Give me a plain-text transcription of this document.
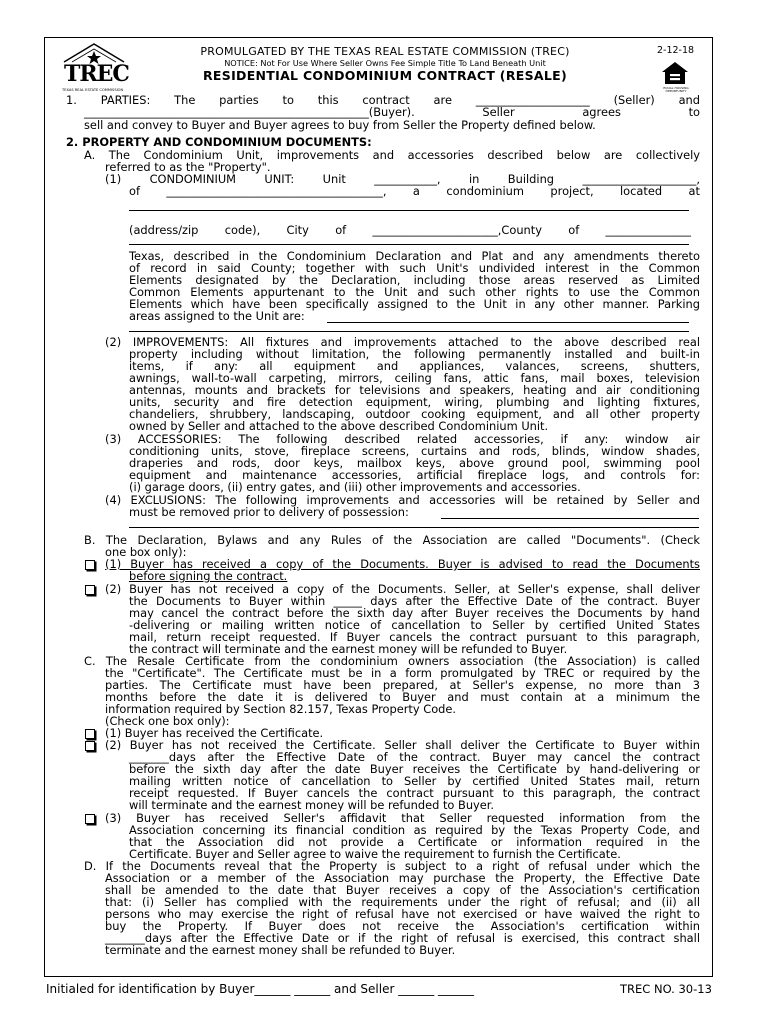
TREC
TEXAS REAL ESTATE COMMISSION
PROMULGATED BY THE TEXAS REAL ESTATE COMMISSION (TREC)
NOTICE: Not For Use Where Seller Owns Fee Simple Title To Land Beneath Unit
RESIDENTIAL CONDOMINIUM CONTRACT (RESALE)
2-12-18
EQUAL HOUSING OPPORTUNITY
1. PARTIES: The parties to this contract are ____________________ (Seller) and
__________________________________________________(Buyer). Seller agrees to
sell and convey to Buyer and Buyer agrees to buy from Seller the Property defined below.
2. PROPERTY AND CONDOMINIUM DOCUMENTS:
A. The Condominium Unit, improvements and accessories described below are collectively
referred to as the "Property".
(1) CONDOMINIUM UNIT: Unit ___________, in Building ____________________,
of ______________________________________, a condominium project, located at
(address/zip code), City of ______________________,County of _______________
Texas, described in the Condominium Declaration and Plat and any amendments thereto
of record in said County; together with such Unit's undivided interest in the Common
Elements designated by the Declaration, including those areas reserved as Limited
Common Elements appurtenant to the Unit and such other rights to use the Common
Elements which have been specifically assigned to the Unit in any other manner. Parking
areas assigned to the Unit are:
(2) IMPROVEMENTS: All fixtures and improvements attached to the above described real
property including without limitation, the following permanently installed and built-in
items, if any: all equipment and appliances, valances, screens, shutters,
awnings, wall-to-wall carpeting, mirrors, ceiling fans, attic fans, mail boxes, television
antennas, mounts and brackets for televisions and speakers, heating and air conditioning
units, security and fire detection equipment, wiring, plumbing and lighting fixtures,
chandeliers, shrubbery, landscaping, outdoor cooking equipment, and all other property
owned by Seller and attached to the above described Condominium Unit.
(3) ACCESSORIES: The following described related accessories, if any: window air
conditioning units, stove, fireplace screens, curtains and rods, blinds, window shades,
draperies and rods, door keys, mailbox keys, above ground pool, swimming pool
equipment and maintenance accessories, artificial fireplace logs, and controls for:
(i) garage doors, (ii) entry gates, and (iii) other improvements and accessories.
(4) EXCLUSIONS: The following improvements and accessories will be retained by Seller and
must be removed prior to delivery of possession:
B. The Declaration, Bylaws and any Rules of the Association are called "Documents". (Check
one box only):
(1) Buyer has received a copy of the Documents. Buyer is advised to read the Documents
before signing the contract.
(2) Buyer has not received a copy of the Documents. Seller, at Seller's expense, shall deliver
the Documents to Buyer within _____ days after the Effective Date of the contract. Buyer
may cancel the contract before the sixth day after Buyer receives the Documents by hand
-delivering or mailing written notice of cancellation to Seller by certified United States
mail, return receipt requested. If Buyer cancels the contract pursuant to this paragraph,
the contract will terminate and the earnest money will be refunded to Buyer.
C. The Resale Certificate from the condominium owners association (the Association) is called
the "Certificate". The Certificate must be in a form promulgated by TREC or required by the
parties. The Certificate must have been prepared, at Seller's expense, no more than 3
months before the date it is delivered to Buyer and must contain at a minimum the
information required by Section 82.157, Texas Property Code.
(Check one box only):
(1) Buyer has received the Certificate.
(2) Buyer has not received the Certificate. Seller shall deliver the Certificate to Buyer within
_______days after the Effective Date of the contract. Buyer may cancel the contract
before the sixth day after the date Buyer receives the Certificate by hand-delivering or
mailing written notice of cancellation to Seller by certified United States mail, return
receipt requested. If Buyer cancels the contract pursuant to this paragraph, the contract
will terminate and the earnest money will be refunded to Buyer.
(3) Buyer has received Seller's affidavit that Seller requested information from the
Association concerning its financial condition as required by the Texas Property Code, and
that the Association did not provide a Certificate or information required in the
Certificate. Buyer and Seller agree to waive the requirement to furnish the Certificate.
D. If the Documents reveal that the Property is subject to a right of refusal under which the
Association or a member of the Association may purchase the Property, the Effective Date
shall be amended to the date that Buyer receives a copy of the Association's certification
that: (i) Seller has complied with the requirements under the right of refusal; and (ii) all
persons who may exercise the right of refusal have not exercised or have waived the right to
buy the Property. If Buyer does not receive the Association's certification within
_______days after the Effective Date or if the right of refusal is exercised, this contract shall
terminate and the earnest money shall be refunded to Buyer.
Initialed for identification by Buyer______ ______ and Seller ______ ______	TREC NO. 30-13
